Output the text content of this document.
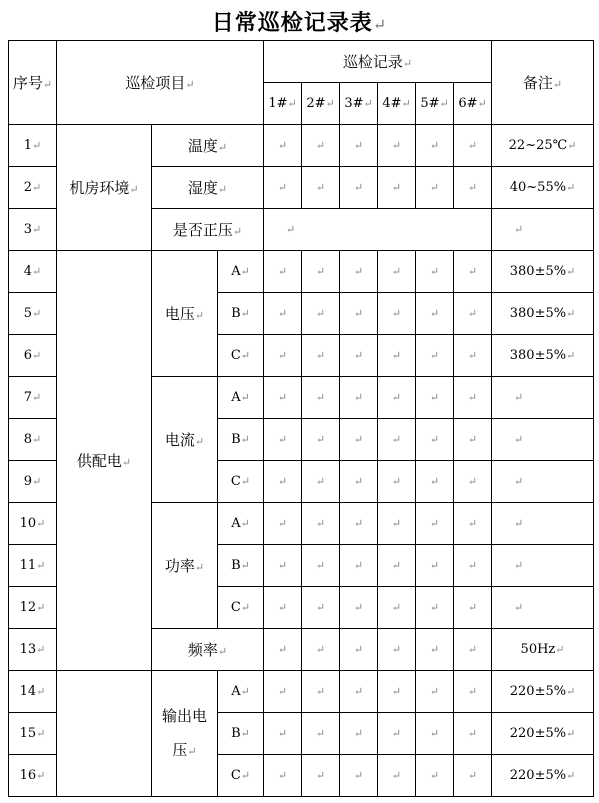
日常巡检记录表↵
序号↵	巡检项目↵			巡检记录↵						备注↵
				1#↵	2#↵	3#↵	4#↵	5#↵	6#↵	
1↵	机房环境↵	温度↵		↵	↵	↵	↵	↵	↵	22~25℃↵
2↵		湿度↵		↵	↵	↵	↵	↵	↵	40~55%↵
3↵		是否正压↵		↵						↵
4↵	供配电↵	电压↵	A↵	↵	↵	↵	↵	↵	↵	380±5%↵
5↵			B↵	↵	↵	↵	↵	↵	↵	380±5%↵
6↵			C↵	↵	↵	↵	↵	↵	↵	380±5%↵
7↵		电流↵	A↵	↵	↵	↵	↵	↵	↵	↵
8↵			B↵	↵	↵	↵	↵	↵	↵	↵
9↵			C↵	↵	↵	↵	↵	↵	↵	↵
10↵		功率↵	A↵	↵	↵	↵	↵	↵	↵	↵
11↵			B↵	↵	↵	↵	↵	↵	↵	↵
12↵			C↵	↵	↵	↵	↵	↵	↵	↵
13↵		频率↵		↵	↵	↵	↵	↵	↵	50Hz↵
14↵		输出电
压↵	A↵	↵	↵	↵	↵	↵	↵	220±5%↵
15↵			B↵	↵	↵	↵	↵	↵	↵	220±5%↵
16↵			C↵	↵	↵	↵	↵	↵	↵	220±5%↵
